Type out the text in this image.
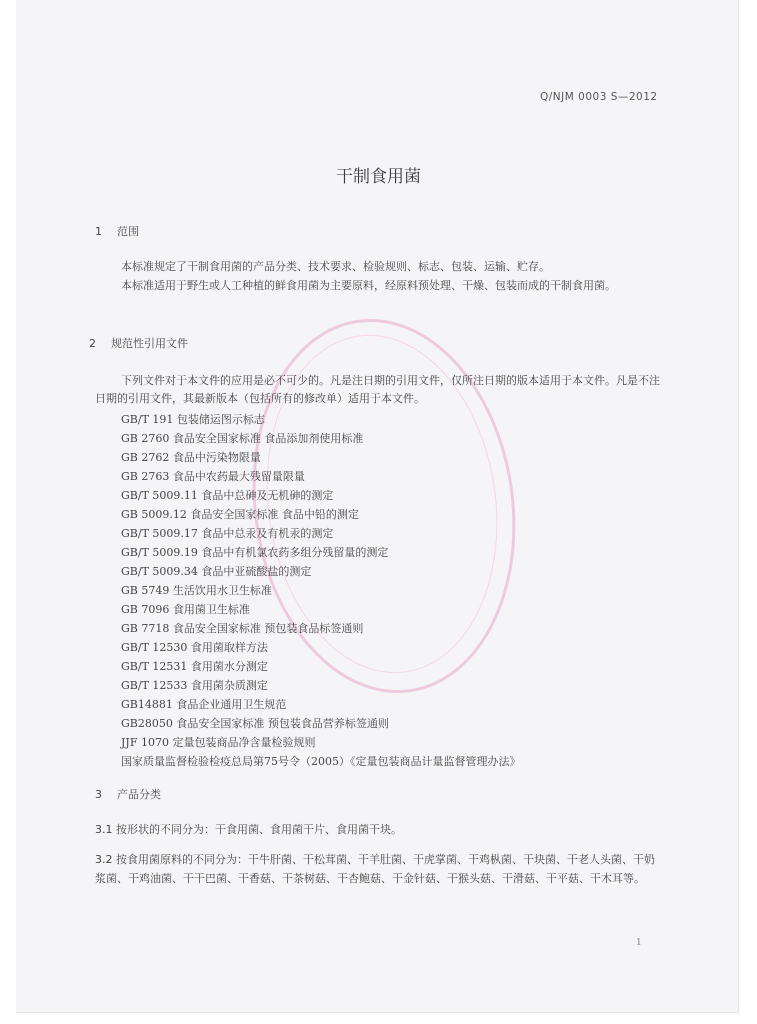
Q/NJM 0003 S—2012
干制食用菌
1 范围
本标准规定了干制食用菌的产品分类、技术要求、检验规则、标志、包装、运输、贮存。
本标准适用于野生或人工种植的鲜食用菌为主要原料，经原料预处理、干燥、包装而成的干制食用菌。
2 规范性引用文件
下列文件对于本文件的应用是必不可少的。凡是注日期的引用文件，仅所注日期的版本适用于本文件。凡是不注日期的引用文件，其最新版本（包括所有的修改单）适用于本文件。
GB/T 191 包装储运图示标志
GB 2760 食品安全国家标准 食品添加剂使用标准
GB 2762 食品中污染物限量
GB 2763 食品中农药最大残留量限量
GB/T 5009.11 食品中总砷及无机砷的测定
GB 5009.12 食品安全国家标准 食品中铅的测定
GB/T 5009.17 食品中总汞及有机汞的测定
GB/T 5009.19 食品中有机氯农药多组分残留量的测定
GB/T 5009.34 食品中亚硫酸盐的测定
GB 5749 生活饮用水卫生标准
GB 7096 食用菌卫生标准
GB 7718 食品安全国家标准 预包装食品标签通则
GB/T 12530 食用菌取样方法
GB/T 12531 食用菌水分测定
GB/T 12533 食用菌杂质测定
GB14881 食品企业通用卫生规范
GB28050 食品安全国家标准 预包装食品营养标签通则
JJF 1070 定量包装商品净含量检验规则
国家质量监督检验检疫总局第75号令（2005）《定量包装商品计量监督管理办法》
3 产品分类
3.1 按形状的不同分为：干食用菌、食用菌干片、食用菌干块。
3.2 按食用菌原料的不同分为：干牛肝菌、干松茸菌、干羊肚菌、干虎掌菌、干鸡枞菌、干块菌、干老人头菌、干奶浆菌、干鸡油菌、干干巴菌、干香菇、干茶树菇、干杏鲍菇、干金针菇、干猴头菇、干滑菇、干平菇、干木耳等。
1
